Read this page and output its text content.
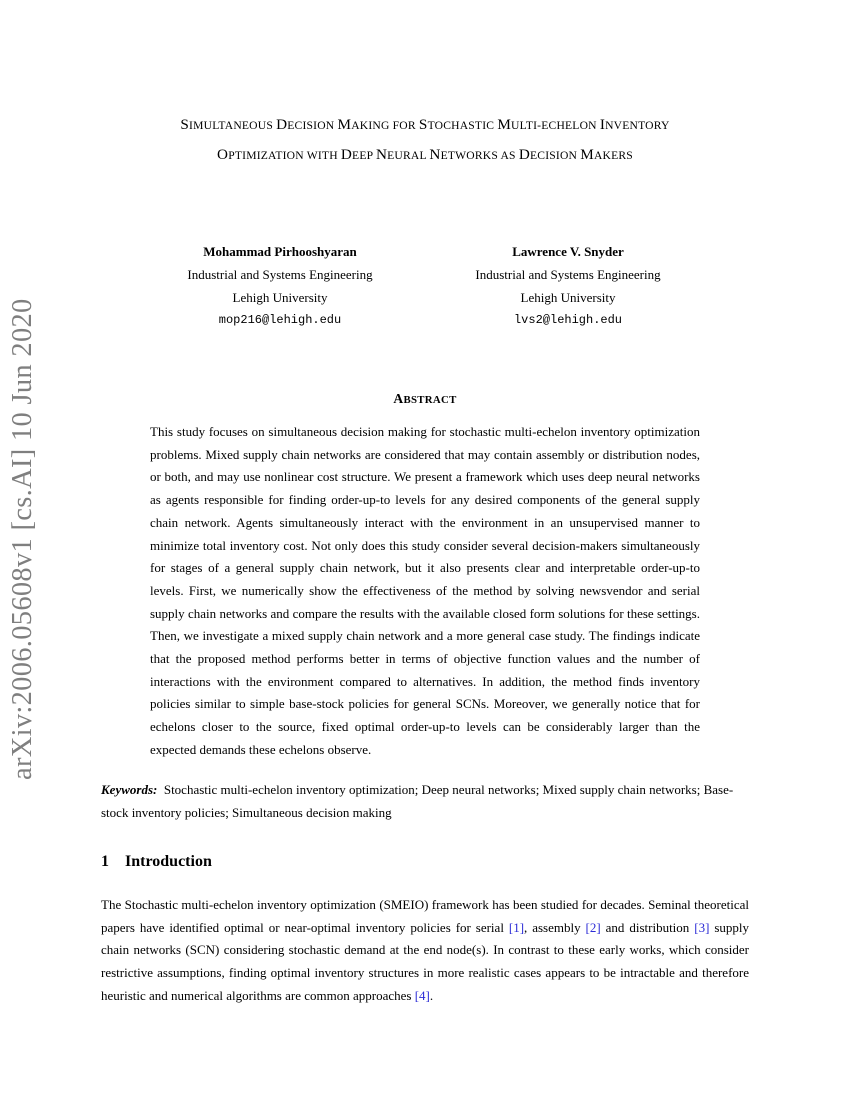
arXiv:2006.05608v1 [cs.AI] 10 Jun 2020
SIMULTANEOUS DECISION MAKING FOR STOCHASTIC MULTI-ECHELON INVENTORY
OPTIMIZATION WITH DEEP NEURAL NETWORKS AS DECISION MAKERS
Mohammad Pirhooshyaran
Industrial and Systems Engineering
Lehigh University
mop216@lehigh.edu
Lawrence V. Snyder
Industrial and Systems Engineering
Lehigh University
lvs2@lehigh.edu
ABSTRACT
This study focuses on simultaneous decision making for stochastic multi-echelon inventory optimization problems. Mixed supply chain networks are considered that may contain assembly or distribution nodes, or both, and may use nonlinear cost structure. We present a framework which uses deep neural networks as agents responsible for finding order-up-to levels for any desired components of the general supply chain network. Agents simultaneously interact with the environment in an unsupervised manner to minimize total inventory cost. Not only does this study consider several decision-makers simultaneously for stages of a general supply chain network, but it also presents clear and interpretable order-up-to levels. First, we numerically show the effectiveness of the method by solving newsvendor and serial supply chain networks and compare the results with the available closed form solutions for these settings. Then, we investigate a mixed supply chain network and a more general case study. The findings indicate that the proposed method performs better in terms of objective function values and the number of interactions with the environment compared to alternatives. In addition, the method finds inventory policies similar to simple base-stock policies for general SCNs. Moreover, we generally notice that for echelons closer to the source, fixed optimal order-up-to levels can be considerably larger than the expected demands these echelons observe.
Keywords: Stochastic multi-echelon inventory optimization; Deep neural networks; Mixed supply chain networks; Base-stock inventory policies; Simultaneous decision making
1 Introduction
The Stochastic multi-echelon inventory optimization (SMEIO) framework has been studied for decades. Seminal theoretical papers have identified optimal or near-optimal inventory policies for serial [1], assembly [2] and distribution [3] supply chain networks (SCN) considering stochastic demand at the end node(s). In contrast to these early works, which consider restrictive assumptions, finding optimal inventory structures in more realistic cases appears to be intractable and therefore heuristic and numerical algorithms are common approaches [4].
